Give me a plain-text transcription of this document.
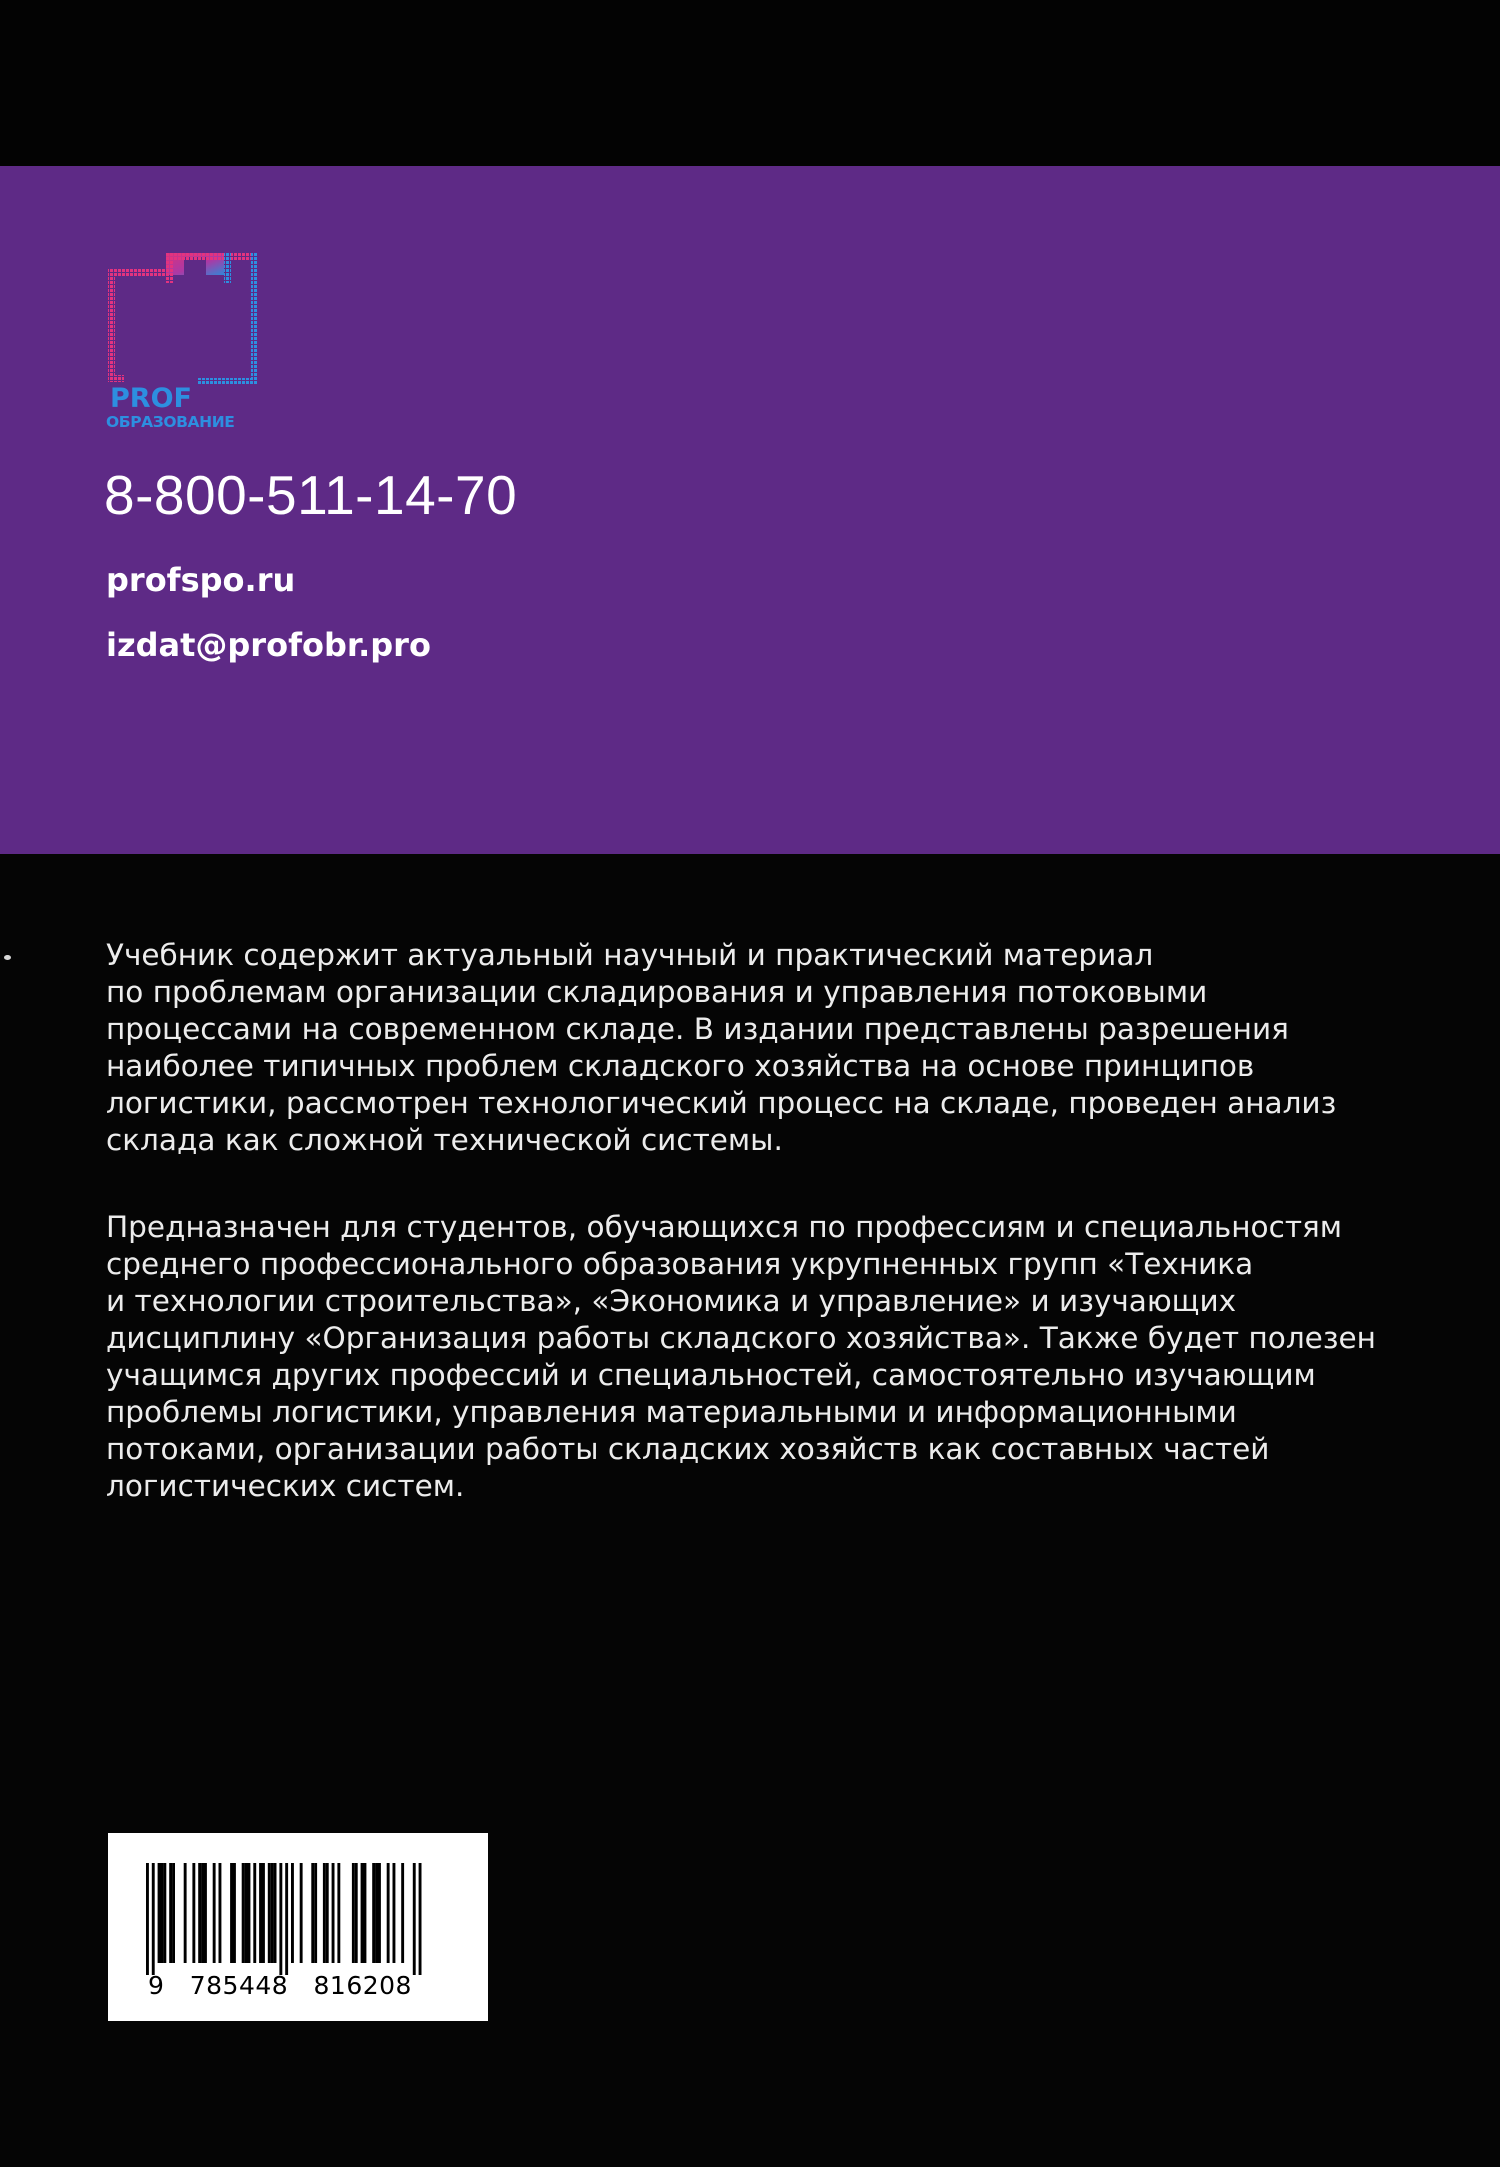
PROF
ОБРАЗОВАНИЕ

8-800-511-14-70

profspo.ru

izdat@profobr.pro

Учебник содержит актуальный научный и практический материал
по проблемам организации складирования и управления потоковыми
процессами на современном складе. В издании представлены разрешения
наиболее типичных проблем складского хозяйства на основе принципов
логистики, рассмотрен технологический процесс на складе, проведен анализ
склада как сложной технической системы.
Предназначен для студентов, обучающихся по профессиям и специальностям
среднего профессионального образования укрупненных групп «Техника
и технологии строительства», «Экономика и управление» и изучающих
дисциплину «Организация работы складского хозяйства». Также будет полезен
учащимся других профессий и специальностей, самостоятельно изучающим
проблемы логистики, управления материальными и информационными
потоками, организации работы складских хозяйств как составных частей
логистических систем.

9 785448 816208
